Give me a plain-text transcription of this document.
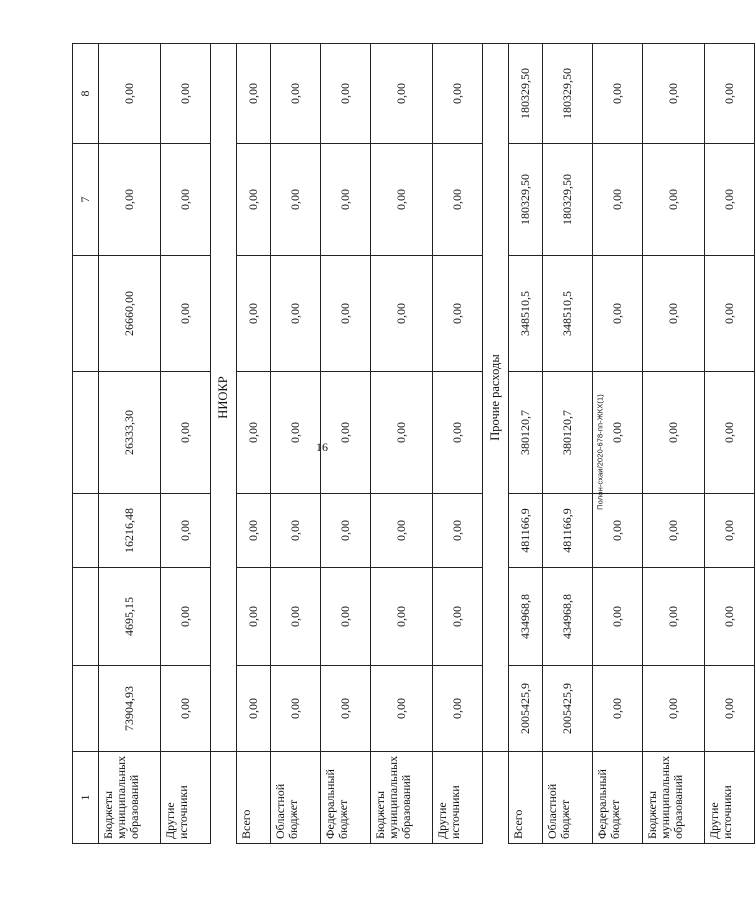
16	Полон-схаи/2020-678-пп-ЖКХ(1)
1						7	8
Бюджеты муниципальных образований	73904,93	4695,15	16216,48	26333,30	26660,00	0,00	0,00
Другие источники	0,00	0,00	0,00	0,00	0,00	0,00	0,00
	НИОКР						
Всего	0,00	0,00	0,00	0,00	0,00	0,00	0,00
Областной бюджет	0,00	0,00	0,00	0,00	0,00	0,00	0,00
Федеральный бюджет	0,00	0,00	0,00	0,00	0,00	0,00	0,00
Бюджеты муниципальных образований	0,00	0,00	0,00	0,00	0,00	0,00	0,00
Другие источники	0,00	0,00	0,00	0,00	0,00	0,00	0,00
	Прочие расходы						
Всего	2005425,9	434968,8	481166,9	380120,7	348510,5	180329,50	180329,50
Областной бюджет	2005425,9	434968,8	481166,9	380120,7	348510,5	180329,50	180329,50
Федеральный бюджет	0,00	0,00	0,00	0,00	0,00	0,00	0,00
Бюджеты муниципальных образований	0,00	0,00	0,00	0,00	0,00	0,00	0,00
Другие источники	0,00	0,00	0,00	0,00	0,00	0,00	0,00
